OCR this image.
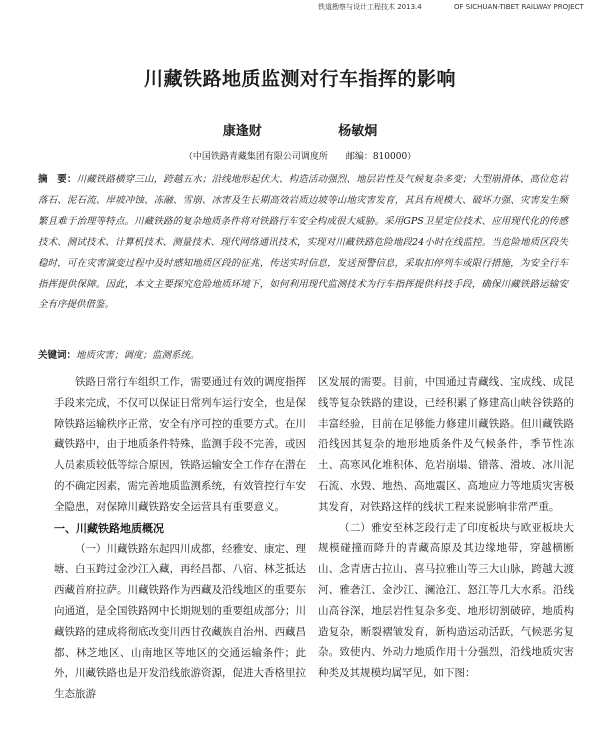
铁道勘察与设计工程技术 2013.4	OF SICHUAN-TIBET RAILWAY PROJECT
川藏铁路地质监测对行车指挥的影响
康逢财	杨敏炯
（中国铁路青藏集团有限公司调度所　　邮编：810000）
摘　要：川藏铁路横穿三山，跨越五水；沿线地形起伏大、构造活动强烈、地层岩性及气候复杂多变；大型崩滑体、高位危岩落石、泥石流、岸坡冲蚀、冻融、雪崩、冰害及生长期高效岩质边坡等山地灾害发育，其具有规模大、破坏力强、灾害发生频繁且难于治理等特点。川藏铁路的复杂地质条件将对铁路行车安全构成很大威胁。采用GPS卫星定位技术、应用现代化的传感技术、测试技术、计算机技术、测量技术、现代网络通讯技术，实现对川藏铁路危险地段24小时在线监控。当危险地质区段失稳时，可在灾害演变过程中及时感知地质区段的征兆，传送实时信息，发送预警信息，采取扣停列车或限行措施，为安全行车指挥提供保障。因此，本文主要探究危险地质环境下，如何利用现代监测技术为行车指挥提供科技手段，确保川藏铁路运输安全有序提供借鉴。
关键词：地质灾害；调度；监测系统。

铁路日常行车组织工作，需要通过有效的调度指挥手段来完成，不仅可以保证日常列车运行安全，也是保障铁路运输秩序正常，安全有序可控的重要方式。在川藏铁路中，由于地质条件特殊，监测手段不完善，或因人员素质较低等综合原因，铁路运输安全工作存在潜在的不确定因素，需完善地质监测系统，有效管控行车安全隐患，对保障川藏铁路安全运营具有重要意义。

一、川藏铁路地质概况

（一）川藏铁路东起四川成都，经雅安、康定、理塘、白玉跨过金沙江入藏，再经昌都、八宿、林芝抵达西藏首府拉萨。川藏铁路作为西藏及沿线地区的重要东向通道，是全国铁路网中长期规划的重要组成部分；川藏铁路的建成将彻底改变川西甘孜藏族自治州、西藏昌都、林芝地区、山南地区等地区的交通运输条件；此外，川藏铁路也是开发沿线旅游资源，促进大香格里拉生态旅游

区发展的需要。目前，中国通过青藏线、宝成线、成昆线等复杂铁路的建设，已经积累了修建高山峡谷铁路的丰富经验，目前在足够能力修建川藏铁路。但川藏铁路沿线因其复杂的地形地质条件及气候条件，季节性冻土、高寒风化堆积体、危岩崩塌、错落、滑坡、冰川泥石流、水毁、地热、高地震区、高地应力等地质灾害极其发育，对铁路这样的线状工程来说影响非常严重。

（二）雅安至林芝段行走了印度板块与欧亚板块大规模碰撞而降升的青藏高原及其边缘地带，穿越横断山、念青唐古拉山、喜马拉雅山等三大山脉，跨越大渡河、雅砻江、金沙江、澜沧江、怒江等几大水系。沿线山高谷深，地层岩性复杂多变、地形切割破碎，地质构造复杂，断裂褶皱发育，新构造运动活跃，气候恶劣复杂。致使内、外动力地质作用十分强烈，沿线地质灾害种类及其规模均属罕见，如下图：
